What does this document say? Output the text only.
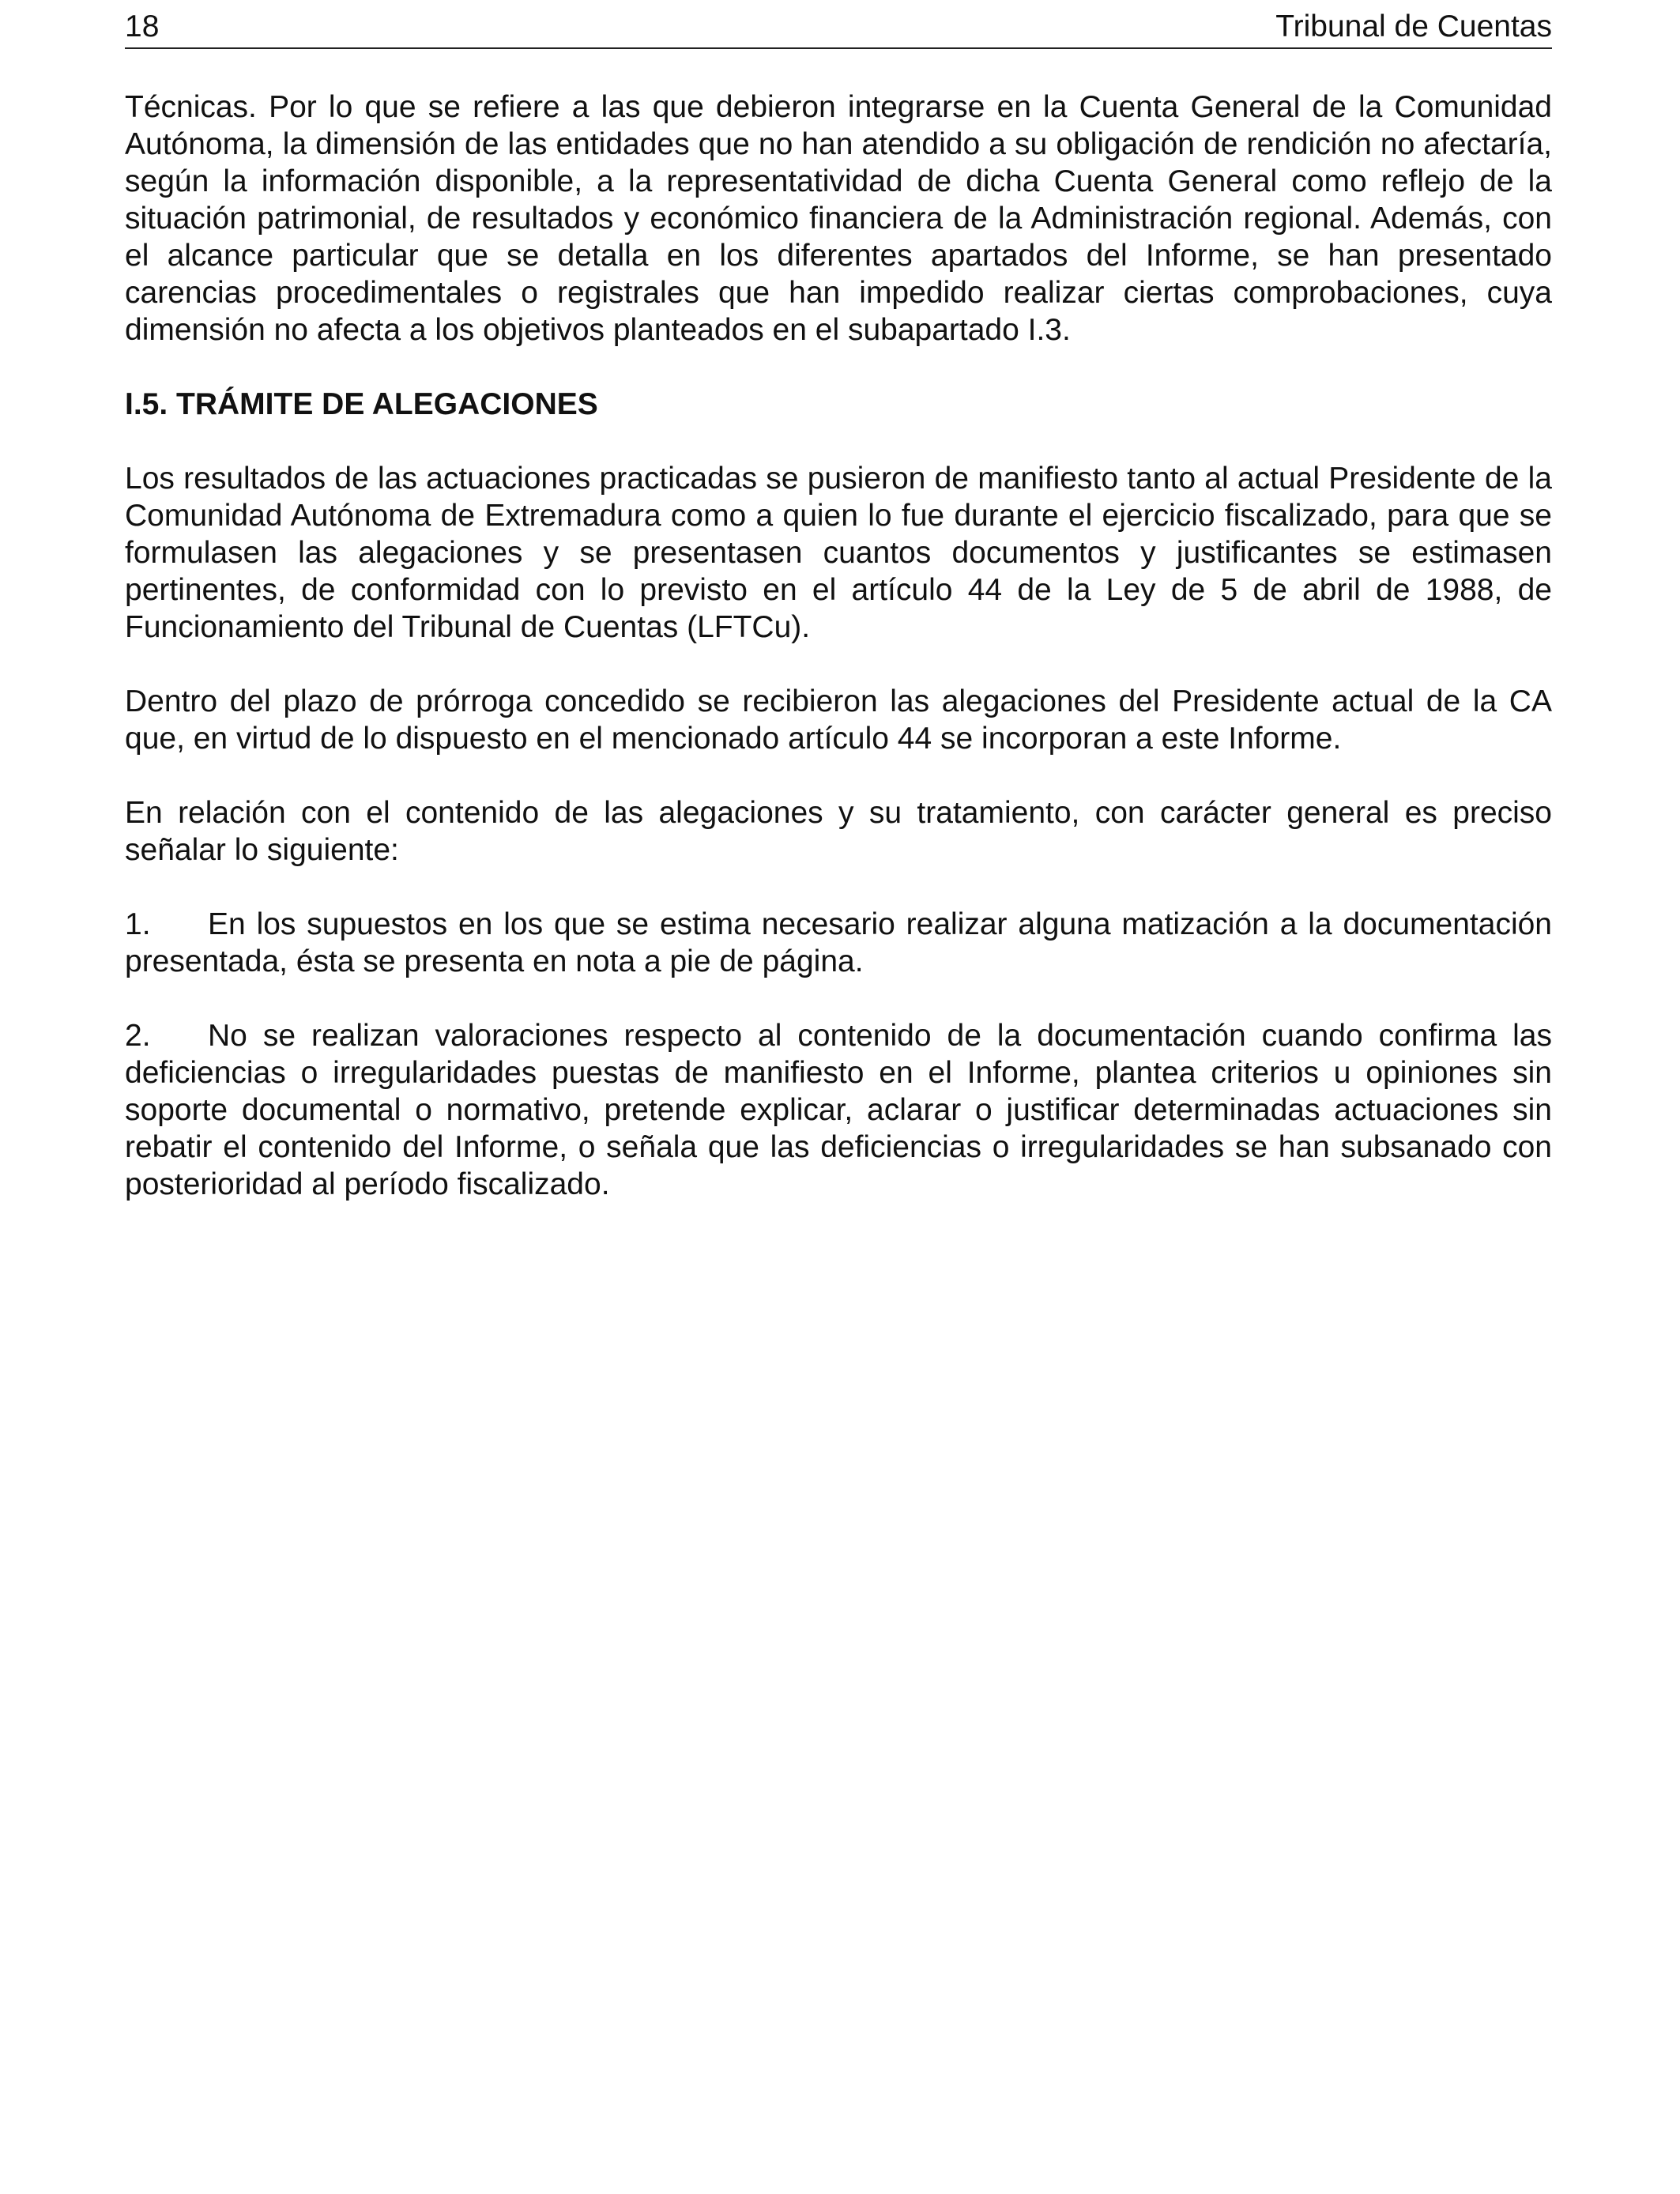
18	Tribunal de Cuentas

Técnicas. Por lo que se refiere a las que debieron integrarse en la Cuenta General de la Comunidad Autónoma, la dimensión de las entidades que no han atendido a su obligación de rendición no afectaría, según la información disponible, a la representatividad de dicha Cuenta General como reflejo de la situación patrimonial, de resultados y económico financiera de la Administración regional. Además, con el alcance particular que se detalla en los diferentes apartados del Informe, se han presentado carencias procedimentales o registrales que han impedido realizar ciertas comprobaciones, cuya dimensión no afecta a los objetivos planteados en el subapartado I.3.

I.5. TRÁMITE DE ALEGACIONES

Los resultados de las actuaciones practicadas se pusieron de manifiesto tanto al actual Presidente de la Comunidad Autónoma de Extremadura como a quien lo fue durante el ejercicio fiscalizado, para que se formulasen las alegaciones y se presentasen cuantos documentos y justificantes se estimasen pertinentes, de conformidad con lo previsto en el artículo 44 de la Ley de 5 de abril de 1988, de Funcionamiento del Tribunal de Cuentas (LFTCu).

Dentro del plazo de prórroga concedido se recibieron las alegaciones del Presidente actual de la CA que, en virtud de lo dispuesto en el mencionado artículo 44 se incorporan a este Informe.

En relación con el contenido de las alegaciones y su tratamiento, con carácter general es preciso señalar lo siguiente:

1. En los supuestos en los que se estima necesario realizar alguna matización a la documentación presentada, ésta se presenta en nota a pie de página.

2. No se realizan valoraciones respecto al contenido de la documentación cuando confirma las deficiencias o irregularidades puestas de manifiesto en el Informe, plantea criterios u opiniones sin soporte documental o normativo, pretende explicar, aclarar o justificar determinadas actuaciones sin rebatir el contenido del Informe, o señala que las deficiencias o irregularidades se han subsanado con posterioridad al período fiscalizado.
